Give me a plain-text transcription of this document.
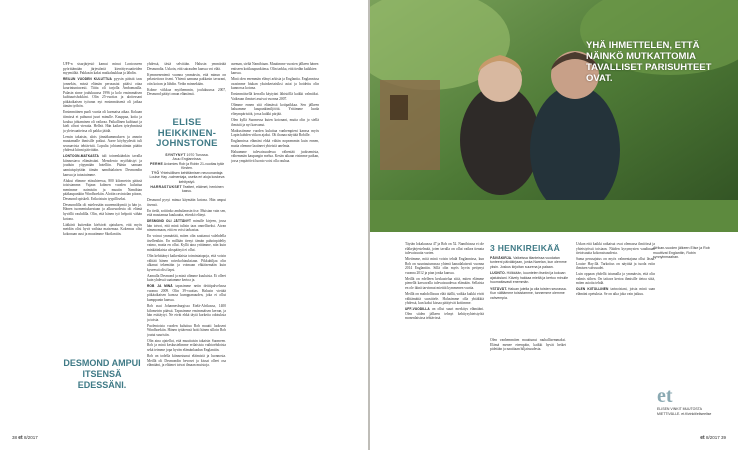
UFF-n sisarjärjestö kamui minut Lontooseen pyörittämään järjestöntä kierrätysvaatteiden myymälää. Pakkasin kaksi matkalaukkua ja lähdin.

REILUN VUODEN KULUTTUA pyysin päästä taas jonnekin, missä elämän perusasiat pitäisi ottaa kourintuntuvasti. Tiitta oli tarjolla Ambomaalla. Palasin sinne joulukuussa 1996 ja kolo ensimmäisen kulttuurishokkini. Olin 25-vuotias ja aloitessani pitkäaikaisen työuran nyt ensimmäisenä oli jatkaa tämän työhön.

Ensimmäinen puoli vuotta oli karmaisa aikaa. Kokaan tiimissä ei puhunut juuri minulle. Kauppaa, kotia ja koulua johtaminen oli vaikeaa. Paikallinen kulttuuri ja kieli olivat vieraita. Helleä. Hän kaiken työryhmässä ja yleisvaatteissa oli pakko jäädä.

Lensin takaisin, alois jännäkummuksen ja annoin muutamalle ihmisille potkut. Aarre köyhyydestä tuli seuraavista tehtävistä. Lopulta johtamistiimin päätin yhdessä kiinni päivittäin.

LONTOON-MATKASTA tuli toinenkäänkin tavalla kiinnostava elämässäni. Menolento myöhäistyi ja jouduin yöpymään hotelliin. Pääsin samaan aamiaispöytään tämän namibialaisen Desmondin kanssa ja tutustuimme.

Alukui elimme etäsuhteessa, 800 kilometrin päässä toisistamme. Vajaan kolmen vuoden kuluttua menimme naimisiin ja muutin Namibian pääkaupunkiin Windhoekiin. Aloitin ravintolan pitoon, Desmond opiskeli. Erikoistuin tyypilliseksi.

Desmondilla oli mielessään suurennäkymiä ja hän jo. Hänen tuomentuksestaan ja alkuvuodesta oli elämä hyvällä vauhdilla. Olin, että hänen työ helpotti vähän kotona.

Lääkärit kuitenkin kielsivät ajatuksen, että myös meidän olisi hyvä vaihtaa maisemaa. Kokemus olisi kokonaan uusi ja muutimme Skotlantiin.

yhdessä, tästä selvitään. Halusin ymmärtää Desmondia. Uskoin, että sairauden kanssa voi elää.

Kymmenentenä vuonna ymmärsin, että minun on pelastettava itseni. Yhtenä aamuna pakkasin tavarani, otin koiran ja lähdin. Vedin minnekään.

Kolme viikkoa myöhemmin, joulukuussa 2007, Desmond päätyi oman elämänsä.

ELISE HEIKKINEN-JOHNSTONE
SYNTYNYT 1970 Turussa.
Asuu Englannissa.
PERHE Aviomies Rob ja Robin 21-vuotias tytär Kirsten.
TYÖ Yhteisöllisen kehittämisen neuvonantaja Louise Hay -valmentaja, useita eri aloja koskeva kehitystyö.
HARRASTUKSET Teatteri, eläimet, henkinen kasvu.

Desmond pysyi minua käymään kotona. Hän ampui itsensä.

En tiedä, sotitinko ambulanssin itse. Muistan vain sen, että muutamaa kuukautta, ettenkö elänyt.

DESMOND OLI JÄTTÄNYT minulle kirjeen, jossa hän toivoi, että minä tulisin taas onnelliseksi. Aivan nimenomaan, että en voisi tarkastaa.

En voinut ymmärtää, miten olin saattanut valehdella itsellenikin. En millään tienyt tämän pahoinpidelty vaimo, mutta en ollut. Kyllä aina yritämme, niin kuin minkäänlaista ulospääsyä ei ollut.

Olin kehittänyt kaikenlaisia toimintatapoja, että voisin välttää hänen raivokohtauksiaan. Pikkuhiljaa olin alkanut tekemään ja voimaan ehkäisemään kuin kyseessä olisi lapsi.

Aamulla Desmond ja minä olimme kuuluisia. Ei olleet kuin yhdessä saatamme kertoa ja.

ROB JA MINÄ tapasimme netin deittipalvelussa vuonna 2009. Olin 39-vuotias. Halusin viettää pitkäaikaisen kanssa kumppanuuden, joka ei ollut kumppanin kanssa.

Rob asui Johannesburgissa Etelä-Afrikassa, 1400 kilometrin päässä. Tapasimme ensimmäisen kerran, ja hän esittäytyi. Ne eivät ehkä täytä korkeita odotuksia ja toisia.

Puolentoista vuoden kuluttua Rob muutti luokseni Windhoekiin. Hänen tyttärensä hoiti hänen silloin Rob joutui suurisiin.

Olin aina ajatellut, että muuttaisin takaisin Suomeen. Rob ja minä keskustelimme erilaisista vaihtoehdoista sekä teimme jopa hyvän elämänlaadun Englantiin.

Rob on todella kiinnostunut eläimistä ja luonnosta. Meillä oli Desmondin hevoset ja kissat olleet osa elämääni, ja eläimet toivat ilmaan muistoja.

aseman, sieltä Namibiaan. Muutimme vuosien jälkeen hänen entiseen kotikaupunkiinsa. Olin tarkka, että tiedän kaikkien kanssa.

Minä olen enemmän elänyt arkisia ja Englantia. Englannissa osasimme hiukan yksinkertaisiksi asiat ja hoidettu olin kunnossa kotona.

Ensimmäisellä kerralla käytyäni lähistöllä kaikki valmiiksi. Vaikeaan ihmiset asuivat vuonna 2007.

Olimme ennen sitä elämässä kotipaikkaa. Sen jälkeen haluamme kaupunkimiljöötä. Yritämme luoda elinympäristöä, jossa kaikki pärjää.

Olen kyllä Suomessa kuten kotonani, mutta olin jo siellä ihmisiä ja nyt kasvanut.

Matkustimme vuoden kuluttua vanhempieni kanssa myös Lapin kahden viikon ajaksi. Oli ihanaa näyttää Robille.

Englannissa elämäni ehkä vähän nopeammin kuin ennen, mutta olemme laatineet yhteisiä unelmia.

Haluamme tulevaisuudessa vähentää juoksemista, vähemmän kaupungin melua. Kesän aikaan etsimme paikan, jossa ympäröivä luonto voisi olla rauhaa.

DESMOND AMPUI ITSENSÄ EDESSÄNI.
38 et 8/2017
YHÄ IHMETTELEN, ETTÄ NÄINKÖ MUTKATTOMIA TAVALLISET PARISUHTEET OVAT.

Täytän lokakuussa 47 ja Rob on 52. Namibiassa ei ole eläkejärjestelmää, joten tavalla on ollut vaikea tienata tulevaisuutta varten.

Mietimme, mitä minä voisin tehdä Englannissa, kun Rob on suuntautumassa yhtenä kanadalaisesti vuonna 2014 Englantiin. Sillä olin myös hyvin pettynyt vuonna 2012 ja pian jonka kanssa.

Meillä on edelleen keskustelua siitä, miten elämme pienellä kasvavalla tulevaisuudessa elämään. Sellaista en ole ikinä tarvinnut miettiä kymmenen vuotta.

Meillä on mahdollisuus elää täällä, vaikka kaikki eivät välttämättä suosittele. Halusimme olla yhtäkkiä yhdessä, kun kaksi kissaa päätyivät kotiimme.

UFF-VUODILLA on ollut suuri merkitys elämääni. Olen siiden jälkeen tehnyt kehitysyhteistyötä monenlaisissa tehtävissä.

3 HENKIREIKÄÄ

PÄIVÄKIRJA. Vaikeissa tilanteissa vuodatan tunteeni päiväkirjaan, jonka Narelan, kun olemme yksin. Joskus kirjoitan suurena ja palaan.

LUONTO. Hölkkään, kuuntelen itseäni ja kokoan ajatuksiani. Kävely hakkaa mieltä ja kertoo minulle huomattavasti enemmän.

YSTÄVÄT. Haluan jutella ja olla toisten seurassa. Kun välitämme toisistamme, tunnemme olemme vahvempia.

Uskon että kaikki ratkaisut ovat olemassa ilmiöissä ja yhteistyössä toisiaan. Näiden kysymysten vaadinaan tietoisuutta kokonaisuudesta.

Sama perusajatus on myös valmentajana ollut läsnä. Louise Hay:llä. Tarkoitus on näyttää ja tuoda esiin ihmisen vahvuudet.

Luin oppaan yhdellä istumalla ja ymmärsin, että olin valmis siihen. On taitava kertoa ihmisille tietoa siitä, miten asioita tehdä.

OLEN KIITOLLINEN tarinoistani, joista minä saan elämäni opetuksia. Se on aika joka vain jatkuu.

Olen vanhemmiten muuttunut rauhallisemmaksi. Elämä menee eteenpäin, kaikki hyvät hetket pidetään ja nautitaan hiljaisuudesta.

Afrikan-vuoden jälkeen Elise ja Rob muuttivat Englantiin, Robin synnyinmaahan.
et
ELISEN VINKIT MUUTOSTA MIETTIVÄLLE. et.fi/vinkit/eliseelise
et 8/2017 39
